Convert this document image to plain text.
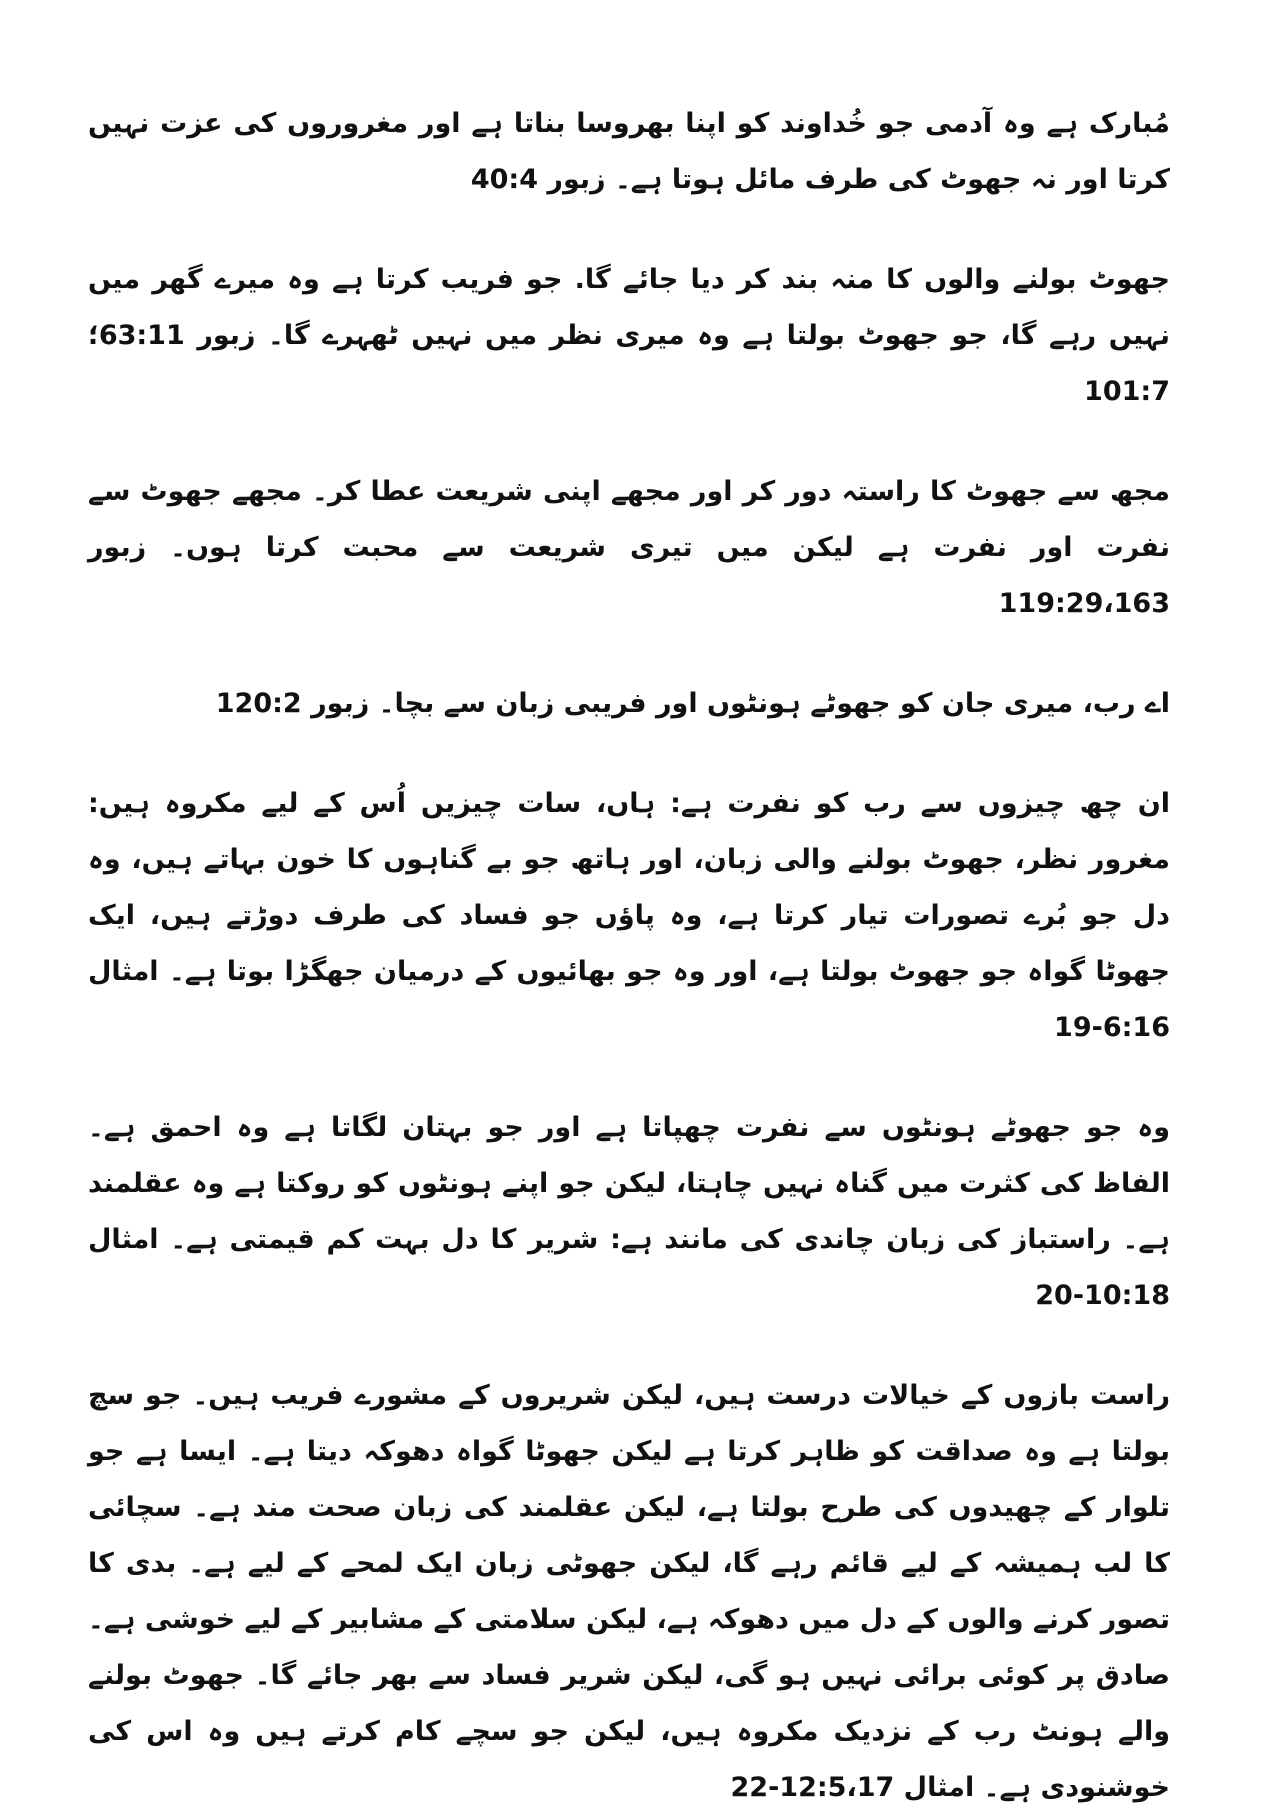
مُبارک ہے وہ آدمی جو خُداوند کو اپنا بھروسا بناتا ہے اور مغروروں کی عزت نہیں کرتا اور نہ جھوٹ کی طرف مائل ہوتا ہے۔ زبور 40:4

جھوٹ بولنے والوں کا منہ بند کر دیا جائے گا. جو فریب کرتا ہے وہ میرے گھر میں نہیں رہے گا، جو جھوٹ بولتا ہے وہ میری نظر میں نہیں ٹھہرے گا۔ زبور 63:11؛ 101:7

مجھ سے جھوٹ کا راستہ دور کر اور مجھے اپنی شریعت عطا کر۔ مجھے جھوٹ سے نفرت اور نفرت ہے لیکن میں تیری شریعت سے محبت کرتا ہوں۔ زبور 119:29،163

اے رب، میری جان کو جھوٹے ہونٹوں اور فریبی زبان سے بچا۔ زبور 120:2

ان چھ چیزوں سے رب کو نفرت ہے: ہاں، سات چیزیں اُس کے لیے مکروہ ہیں: مغرور نظر، جھوٹ بولنے والی زبان، اور ہاتھ جو بے گناہوں کا خون بہاتے ہیں، وہ دل جو بُرے تصورات تیار کرتا ہے، وہ پاؤں جو فساد کی طرف دوڑتے ہیں، ایک جھوٹا گواہ جو جھوٹ بولتا ہے، اور وہ جو بھائیوں کے درمیان جھگڑا بوتا ہے۔ امثال 6:16-19

وہ جو جھوٹے ہونٹوں سے نفرت چھپاتا ہے اور جو بہتان لگاتا ہے وہ احمق ہے۔ الفاظ کی کثرت میں گناہ نہیں چاہتا، لیکن جو اپنے ہونٹوں کو روکتا ہے وہ عقلمند ہے۔ راستباز کی زبان چاندی کی مانند ہے: شریر کا دل بہت کم قیمتی ہے۔ امثال 10:18-20

راست بازوں کے خیالات درست ہیں، لیکن شریروں کے مشورے فریب ہیں۔ جو سچ بولتا ہے وہ صداقت کو ظاہر کرتا ہے لیکن جھوٹا گواہ دھوکہ دیتا ہے۔ ایسا ہے جو تلوار کے چھیدوں کی طرح بولتا ہے، لیکن عقلمند کی زبان صحت مند ہے۔ سچائی کا لب ہمیشہ کے لیے قائم رہے گا، لیکن جھوٹی زبان ایک لمحے کے لیے ہے۔ بدی کا تصور کرنے والوں کے دل میں دھوکہ ہے، لیکن سلامتی کے مشابیر کے لیے خوشی ہے۔ صادق پر کوئی برائی نہیں ہو گی، لیکن شریر فساد سے بھر جائے گا۔ جھوٹ بولنے والے ہونٹ رب کے نزدیک مکروہ ہیں، لیکن جو سچے کام کرتے ہیں وہ اس کی خوشنودی ہے۔ امثال 12:5،17-22
